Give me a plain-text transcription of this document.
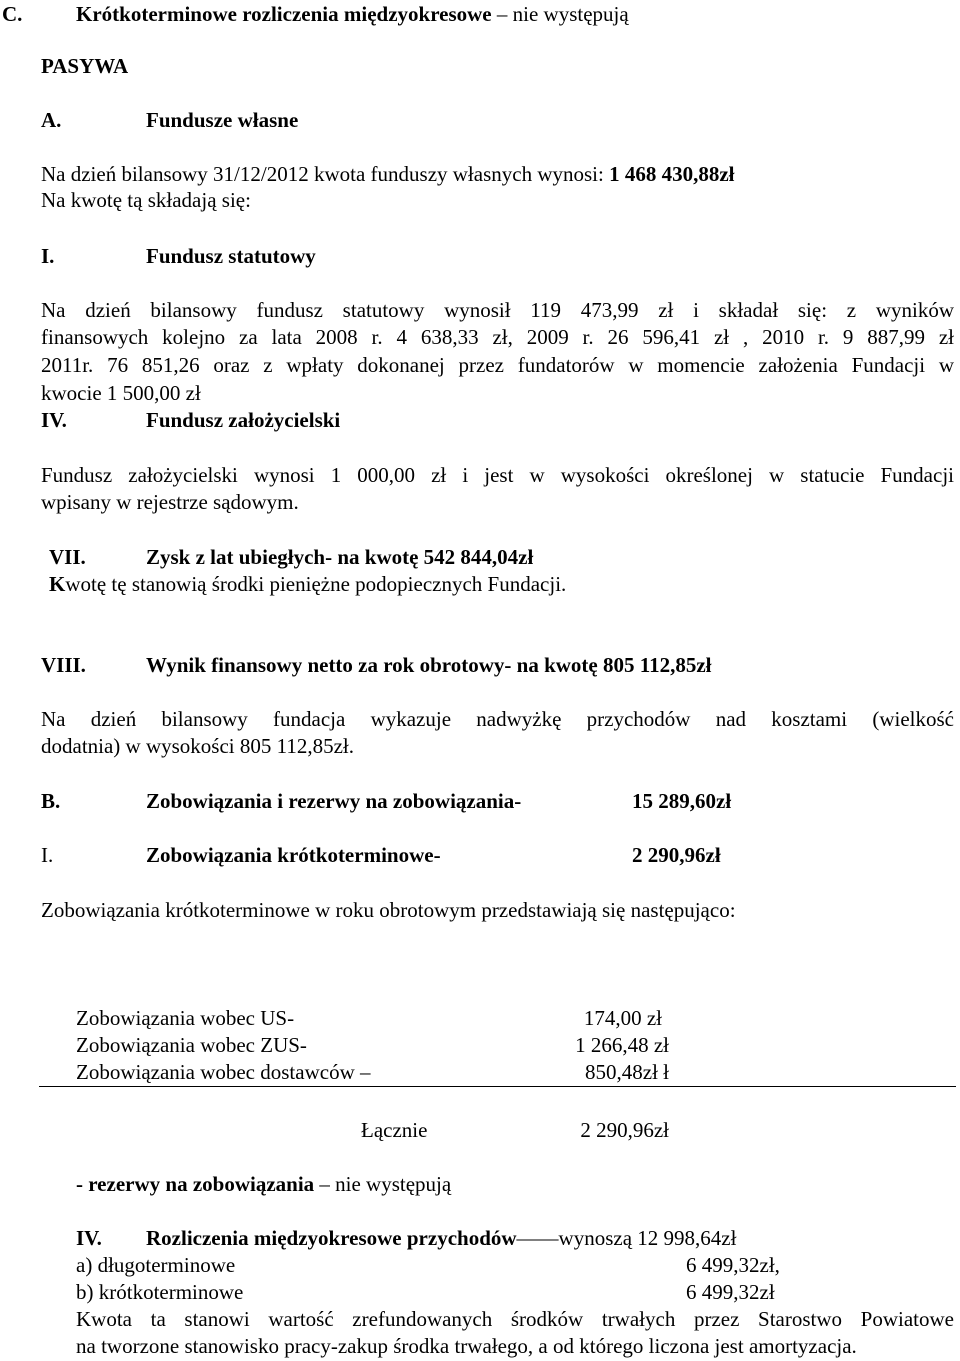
C.	Krótkoterminowe rozliczenia międzyokresowe – nie występują
PASYWA
A.	Fundusze własne
Na dzień bilansowy 31/12/2012 kwota funduszy własnych wynosi: 1 468 430,88zł
Na kwotę tą składają się:
I.	Fundusz statutowy
Na dzień bilansowy fundusz statutowy wynosił 119 473,99 zł i składał się: z wyników
finansowych kolejno za lata 2008 r. 4 638,33 zł, 2009 r. 26 596,41 zł , 2010 r. 9 887,99 zł
2011r. 76 851,26 oraz z wpłaty dokonanej przez fundatorów w momencie założenia Fundacji w
kwocie 1 500,00 zł
IV.	Fundusz założycielski
Fundusz założycielski wynosi 1 000,00 zł i jest w wysokości określonej w statucie Fundacji
wpisany w rejestrze sądowym.
VII.	Zysk z lat ubiegłych- na kwotę 542 844,04zł
Kwotę tę stanowią środki pieniężne podopiecznych Fundacji.
VIII.	Wynik finansowy netto za rok obrotowy- na kwotę 805 112,85zł
Na dzień bilansowy fundacja wykazuje nadwyżkę przychodów nad kosztami (wielkość
dodatnia) w wysokości 805 112,85zł.
B.	Zobowiązania i rezerwy na zobowiązania-	15 289,60zł
I.	Zobowiązania krótkoterminowe-	2 290,96zł
Zobowiązania krótkoterminowe w roku obrotowym przedstawiają się następująco:
Zobowiązania wobec US-	174,00 zł
Zobowiązania wobec ZUS-	1 266,48 zł
Zobowiązania wobec dostawców –	850,48zł ł
Łącznie	2 290,96zł
- rezerwy na zobowiązania – nie występują
IV. Rozliczenia międzyokresowe przychodów——wynoszą 12 998,64zł
a) długoterminowe	6 499,32zł,
b) krótkoterminowe	6 499,32zł
Kwota ta stanowi wartość zrefundowanych środków trwałych przez Starostwo Powiatowe
na tworzone stanowisko pracy-zakup środka trwałego, a od którego liczona jest amortyzacja.
